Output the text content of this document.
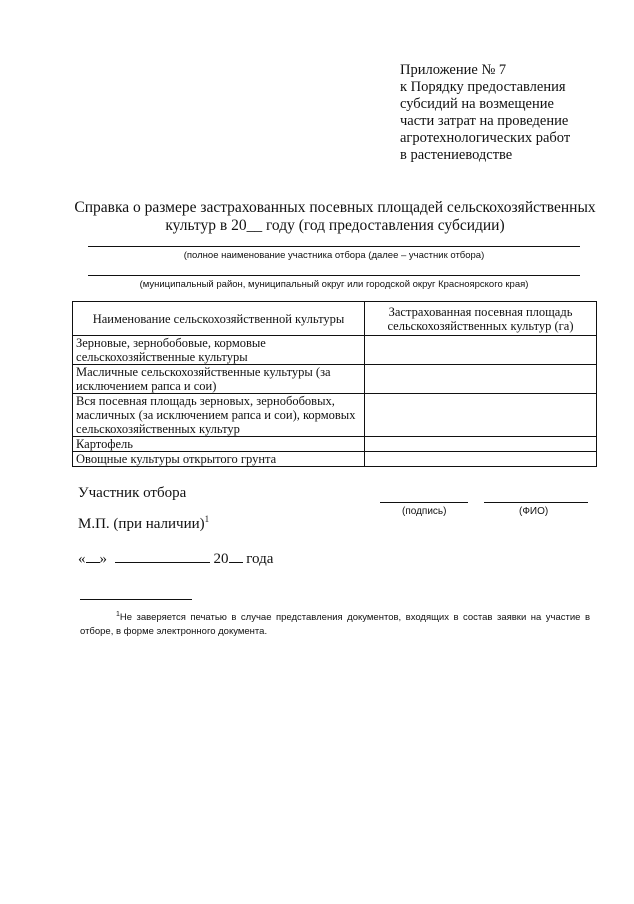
Приложение № 7
к Порядку предоставления
субсидий на возмещение
части затрат на проведение
агротехнологических работ
в растениеводстве
Справка о размере застрахованных посевных площадей сельскохозяйственных
культур в 20__ году (год предоставления субсидии)
(полное наименование участника отбора (далее – участник отбора)
(муниципальный район, муниципальный округ или городской округ Красноярского края)
Наименование сельскохозяйственной культуры	Застрахованная посевная площадь сельскохозяйственных культур (га)
Зерновые, зернобобовые, кормовые сельскохозяйственные культуры	
Масличные сельскохозяйственные культуры (за исключением рапса и сои)	
Вся посевная площадь зерновых, зернобобовых, масличных (за исключением рапса и сои), кормовых сельскохозяйственных культур	
Картофель	
Овощные культуры открытого грунта	
Участник отбора
(подпись)	(ФИО)
М.П. (при наличии)$^1$
« »	20 года
$^1$Не заверяется печатью в случае представления документов, входящих в состав заявки на участие в отборе, в форме электронного документа.
